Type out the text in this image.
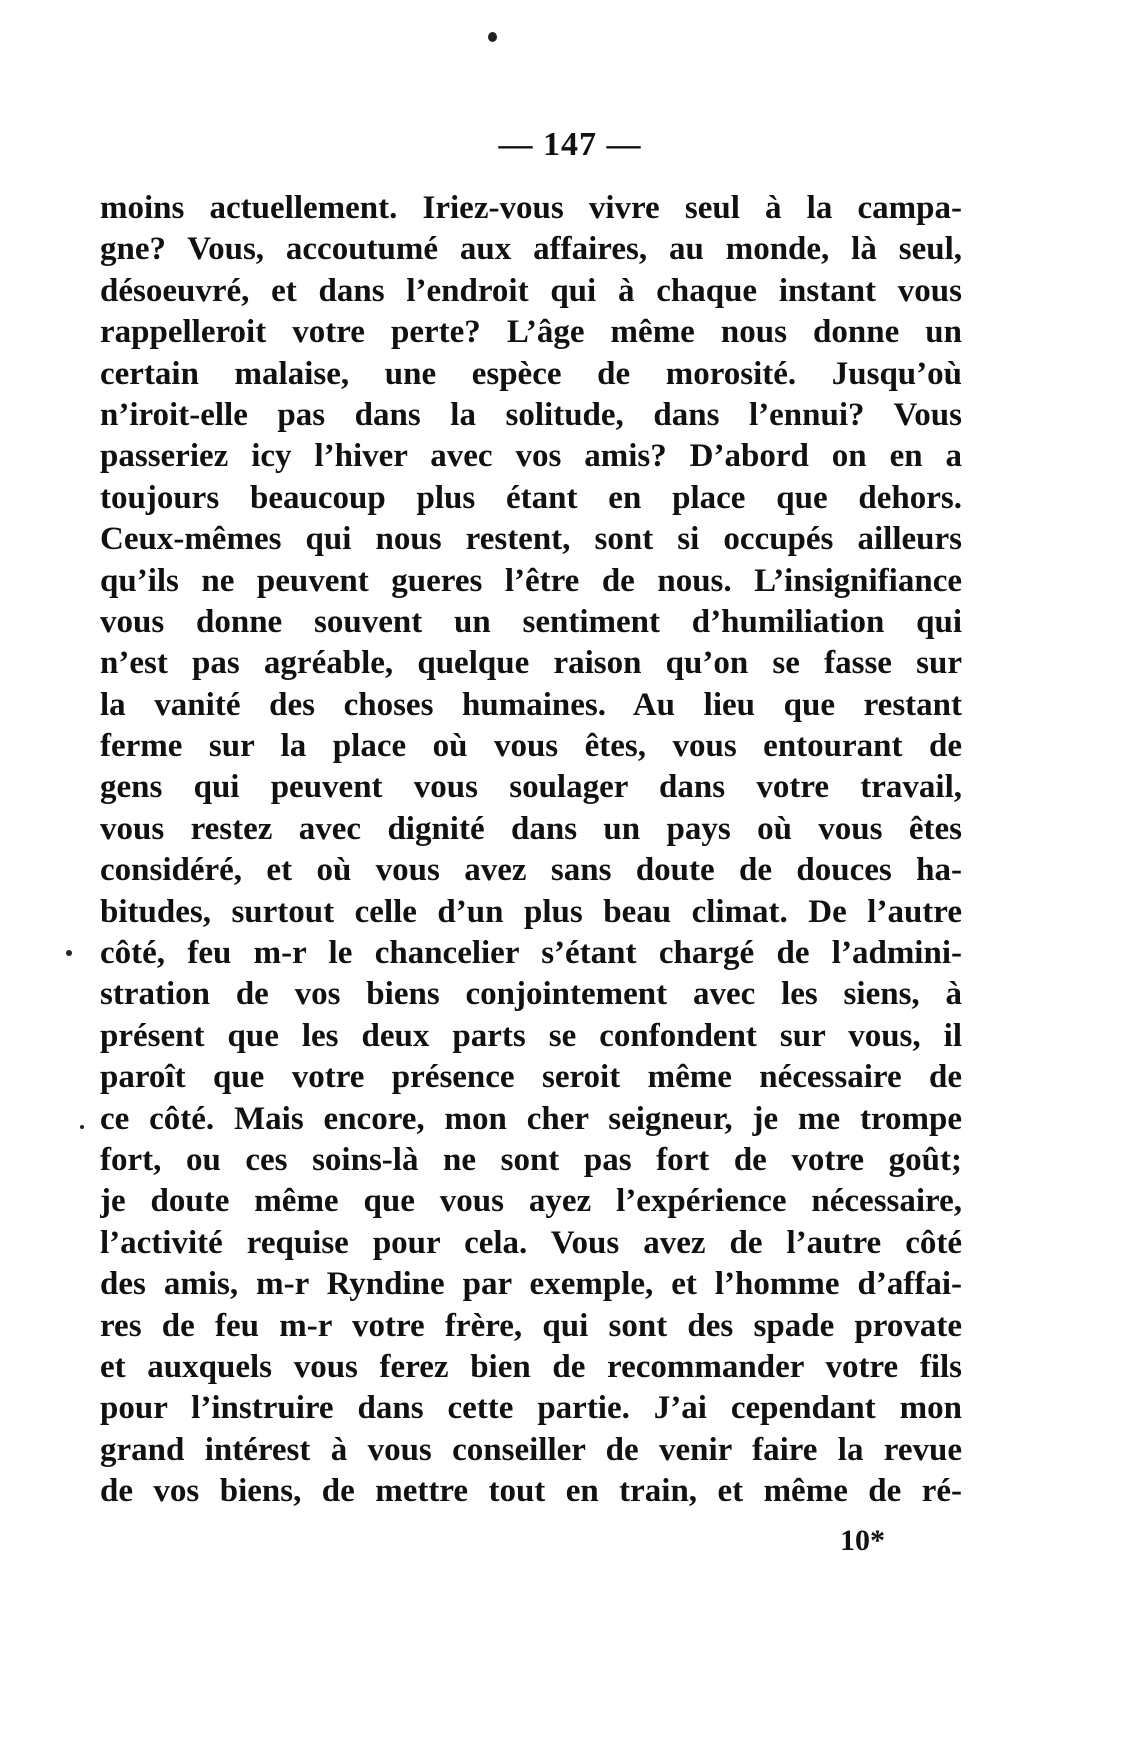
— 147 —
moins actuellement. Iriez-vous vivre seul à la campa-
gne? Vous, accoutumé aux affaires, au monde, là seul,
désoeuvré, et dans l’endroit qui à chaque instant vous
rappelleroit votre perte? L’âge même nous donne un
certain malaise, une espèce de morosité. Jusqu’où
n’iroit-elle pas dans la solitude, dans l’ennui? Vous
passeriez icy l’hiver avec vos amis? D’abord on en a
toujours beaucoup plus étant en place que dehors.
Ceux-mêmes qui nous restent, sont si occupés ailleurs
qu’ils ne peuvent gueres l’être de nous. L’insignifiance
vous donne souvent un sentiment d’humiliation qui
n’est pas agréable, quelque raison qu’on se fasse sur
la vanité des choses humaines. Au lieu que restant
ferme sur la place où vous êtes, vous entourant de
gens qui peuvent vous soulager dans votre travail,
vous restez avec dignité dans un pays où vous êtes
considéré, et où vous avez sans doute de douces ha-
bitudes, surtout celle d’un plus beau climat. De l’autre
côté, feu m-r le chancelier s’étant chargé de l’admini-
stration de vos biens conjointement avec les siens, à
présent que les deux parts se confondent sur vous, il
paroît que votre présence seroit même nécessaire de
ce côté. Mais encore, mon cher seigneur, je me trompe
fort, ou ces soins-là ne sont pas fort de votre goût;
je doute même que vous ayez l’expérience nécessaire,
l’activité requise pour cela. Vous avez de l’autre côté
des amis, m-r Ryndine par exemple, et l’homme d’affai-
res de feu m-r votre frère, qui sont des spade provate
et auxquels vous ferez bien de recommander votre fils
pour l’instruire dans cette partie. J’ai cependant mon
grand intérest à vous conseiller de venir faire la revue
de vos biens, de mettre tout en train, et même de ré-
10*
